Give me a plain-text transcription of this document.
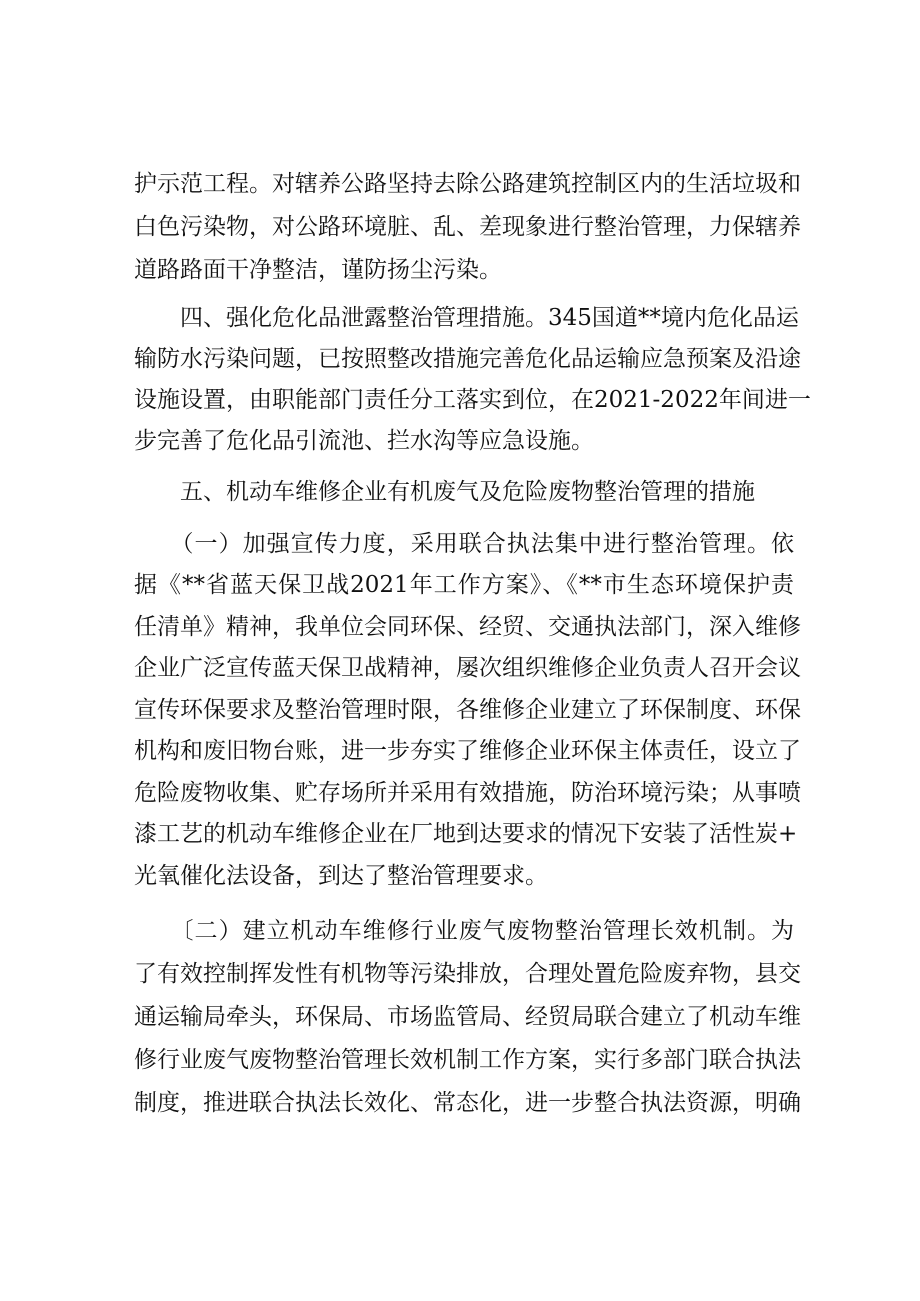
护示范工程。对辖养公路坚持去除公路建筑控制区内的生活垃圾和
白色污染物，对公路环境脏、乱、差现象进行整治管理，力保辖养
道路路面干净整洁，谨防扬尘污染。
　　四、强化危化品泄露整治管理措施。345国道**境内危化品运
输防水污染问题，已按照整改措施完善危化品运输应急预案及沿途
设施设置，由职能部门责任分工落实到位，在2021-2022年间进一
步完善了危化品引流池、拦水沟等应急设施。
　　五、机动车维修企业有机废气及危险废物整治管理的措施
　　（一）加强宣传力度，采用联合执法集中进行整治管理。依
据《**省蓝天保卫战2021年工作方案》、《**市生态环境保护责
任清单》精神，我单位会同环保、经贸、交通执法部门，深入维修
企业广泛宣传蓝天保卫战精神，屡次组织维修企业负责人召开会议
宣传环保要求及整治管理时限，各维修企业建立了环保制度、环保
机构和废旧物台账，进一步夯实了维修企业环保主体责任，设立了
危险废物收集、贮存场所并采用有效措施，防治环境污染；从事喷
漆工艺的机动车维修企业在厂地到达要求的情况下安装了活性炭+
光氧催化法设备，到达了整治管理要求。
　　〔二）建立机动车维修行业废气废物整治管理长效机制。为
了有效控制挥发性有机物等污染排放，合理处置危险废弃物，县交
通运输局牵头，环保局、市场监管局、经贸局联合建立了机动车维
修行业废气废物整治管理长效机制工作方案，实行多部门联合执法
制度，推进联合执法长效化、常态化，进一步整合执法资源，明确
